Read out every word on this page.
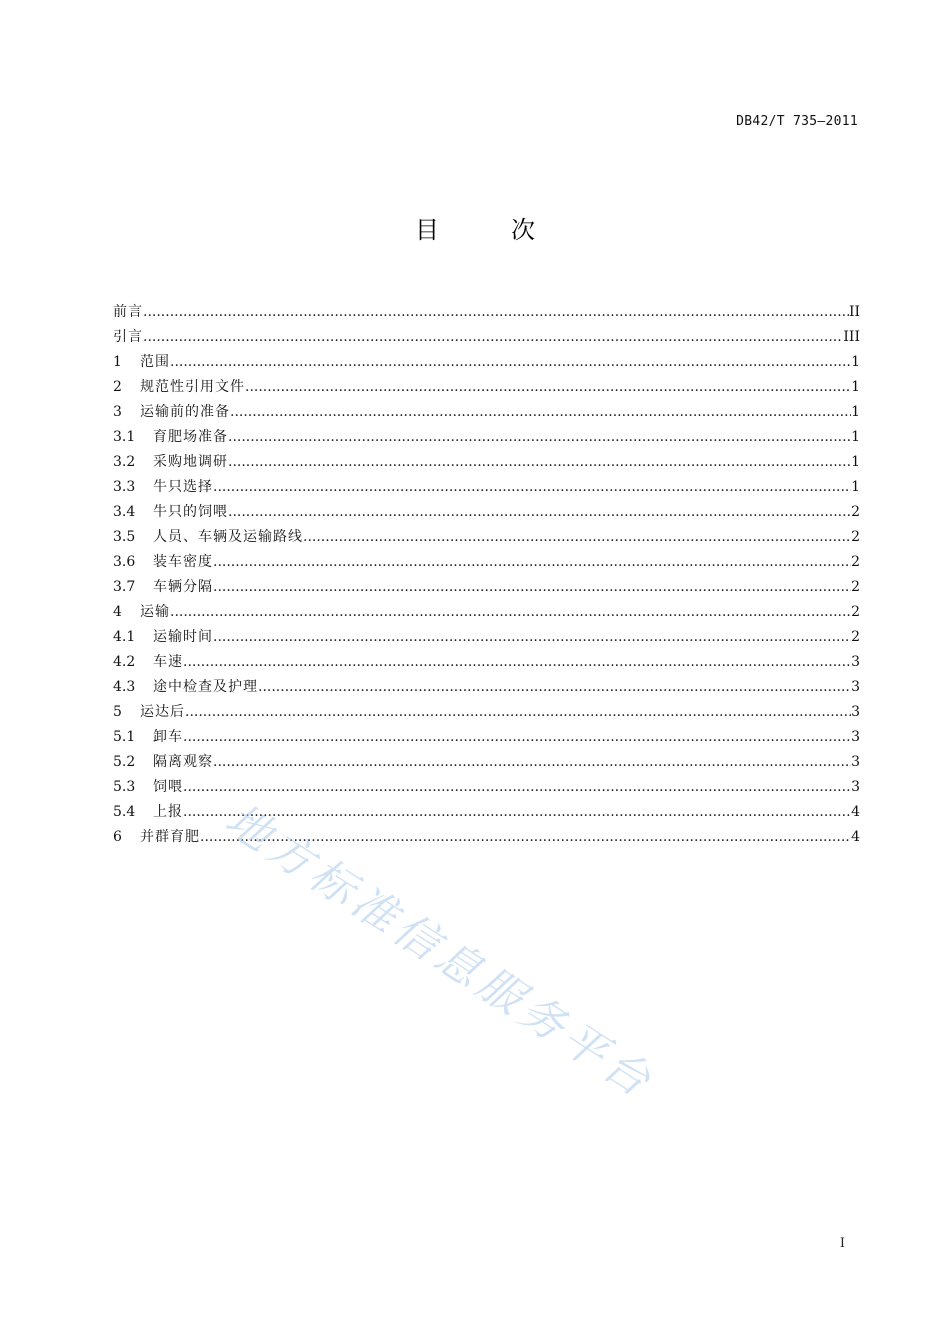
DB42/T 735—2011
目　次
前言 .....	II
引言 .....	III
1	范围 .....	1
2	规范性引用文件 .....	1
3	运输前的准备 .....	1
3.1	育肥场准备 .....	1
3.2	采购地调研 .....	1
3.3	牛只选择 .....	1
3.4	牛只的饲喂 .....	2
3.5	人员、车辆及运输路线 .....	2
3.6	装车密度 .....	2
3.7	车辆分隔 .....	2
4	运输 .....	2
4.1	运输时间 .....	2
4.2	车速 .....	3
4.3	途中检查及护理 .....	3
5	运达后 .....	3
5.1	卸车 .....	3
5.2	隔离观察 .....	3
5.3	饲喂 .....	3
5.4	上报 .....	4
6	并群育肥 .....	4
地方标准信息服务平台
I
